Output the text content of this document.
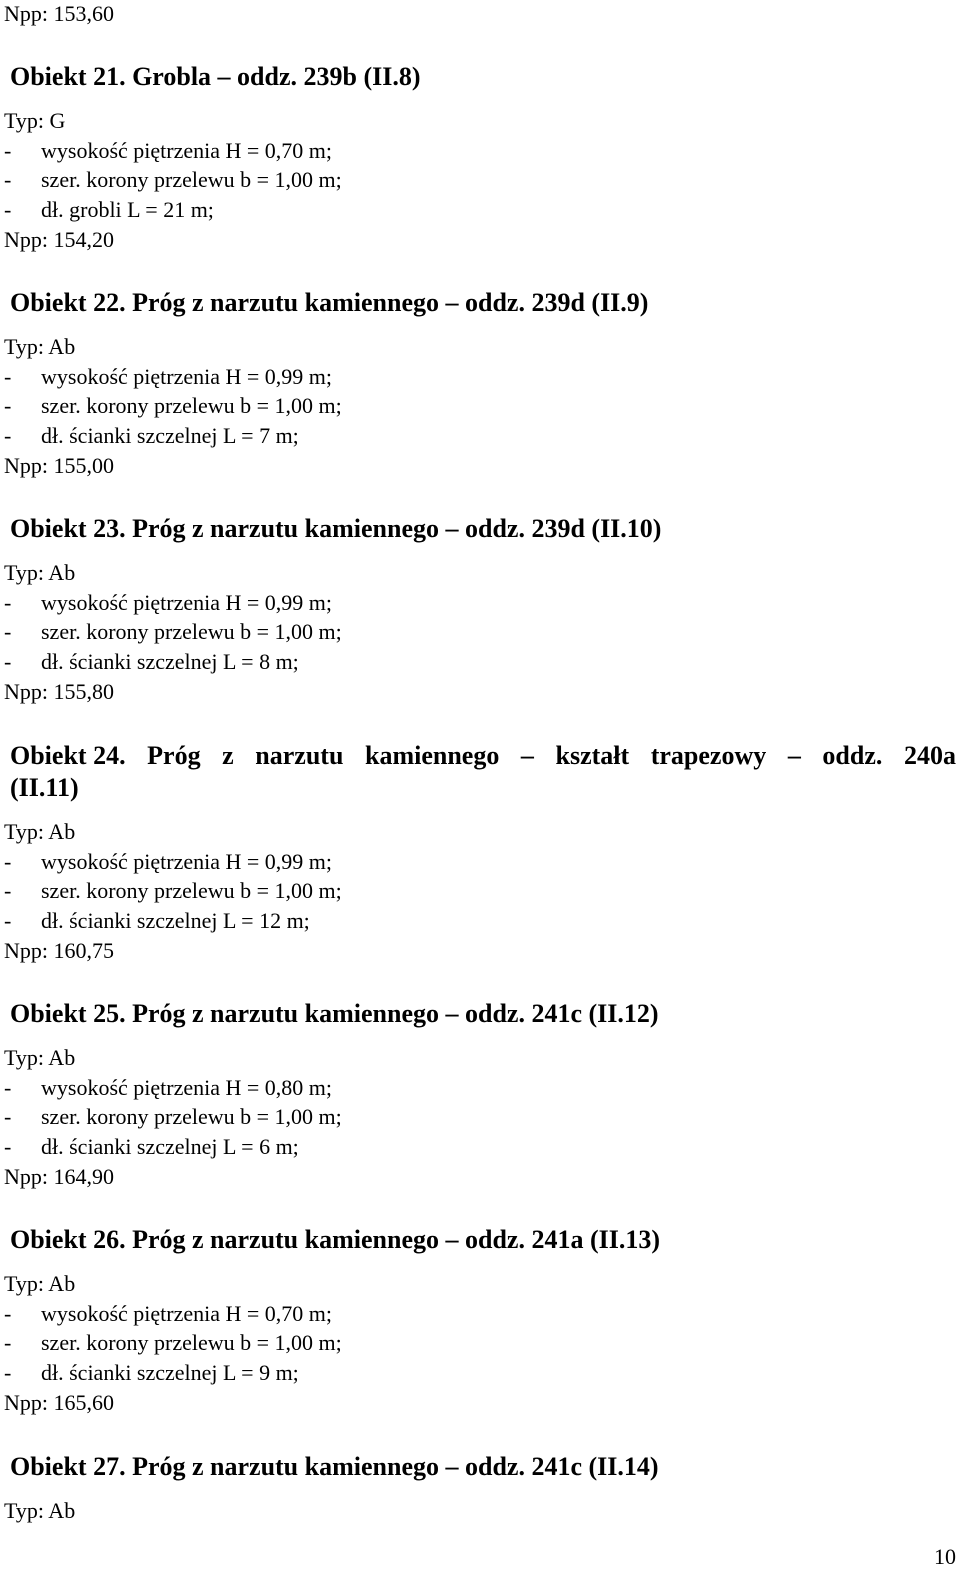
Npp: 153,60
Obiekt 21. Grobla – oddz. 239b (II.8)
Typ: G
- wysokość piętrzenia H = 0,70 m;
- szer. korony przelewu b = 1,00 m;
- dł. grobli L = 21 m;
Npp: 154,20
Obiekt 22. Próg z narzutu kamiennego – oddz. 239d (II.9)
Typ: Ab
- wysokość piętrzenia H = 0,99 m;
- szer. korony przelewu b = 1,00 m;
- dł. ścianki szczelnej L = 7 m;
Npp: 155,00
Obiekt 23. Próg z narzutu kamiennego – oddz. 239d (II.10)
Typ: Ab
- wysokość piętrzenia H = 0,99 m;
- szer. korony przelewu b = 1,00 m;
- dł. ścianki szczelnej L = 8 m;
Npp: 155,80
Obiekt 24. Próg z narzutu kamiennego – kształt trapezowy – oddz. 240a
(II.11)
Typ: Ab
- wysokość piętrzenia H = 0,99 m;
- szer. korony przelewu b = 1,00 m;
- dł. ścianki szczelnej L = 12 m;
Npp: 160,75
Obiekt 25. Próg z narzutu kamiennego – oddz. 241c (II.12)
Typ: Ab
- wysokość piętrzenia H = 0,80 m;
- szer. korony przelewu b = 1,00 m;
- dł. ścianki szczelnej L = 6 m;
Npp: 164,90
Obiekt 26. Próg z narzutu kamiennego – oddz. 241a (II.13)
Typ: Ab
- wysokość piętrzenia H = 0,70 m;
- szer. korony przelewu b = 1,00 m;
- dł. ścianki szczelnej L = 9 m;
Npp: 165,60
Obiekt 27. Próg z narzutu kamiennego – oddz. 241c (II.14)
Typ: Ab
10
